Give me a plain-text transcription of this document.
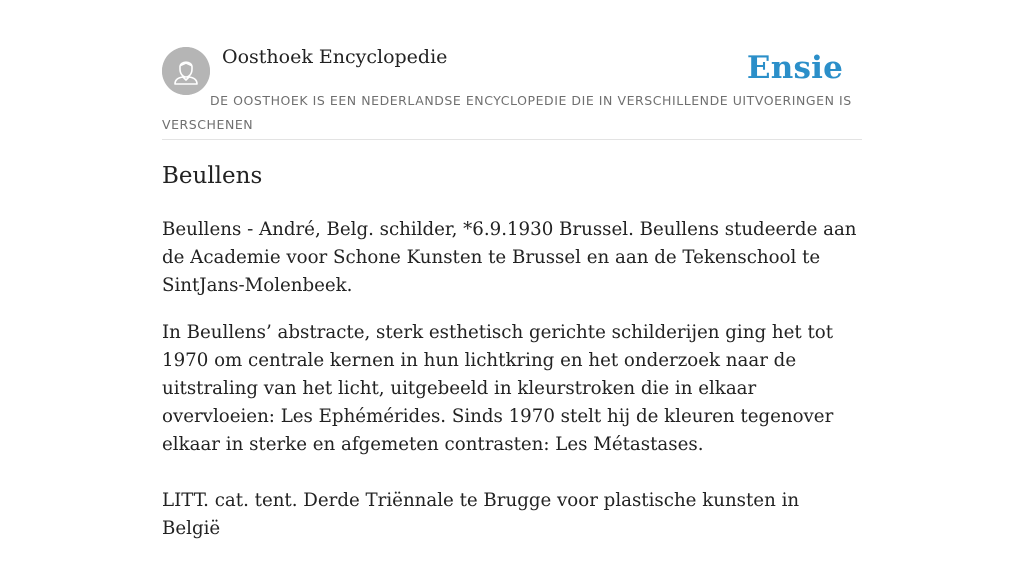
Oosthoek Encyclopedie	Ensie
DE OOSTHOEK IS EEN NEDERLANDSE ENCYCLOPEDIE DIE IN VERSCHILLENDE UITVOERINGEN IS VERSCHENEN
Beullens

Beullens - André, Belg. schilder, *6.9.1930 Brussel. Beullens studeerde aan de Academie voor Schone Kunsten te Brussel en aan de Tekenschool te SintJans-Molenbeek.

In Beullens’ abstracte, sterk esthetisch gerichte schilderijen ging het tot 1970 om centrale kernen in hun lichtkring en het onderzoek naar de uitstraling van het licht, uitgebeeld in kleurstroken die in elkaar overvloeien: Les Ephémérides. Sinds 1970 stelt hij de kleuren tegenover elkaar in sterke en afgemeten contrasten: Les Métastases.

LITT. cat. tent. Derde Triënnale te Brugge voor plastische kunsten in België
